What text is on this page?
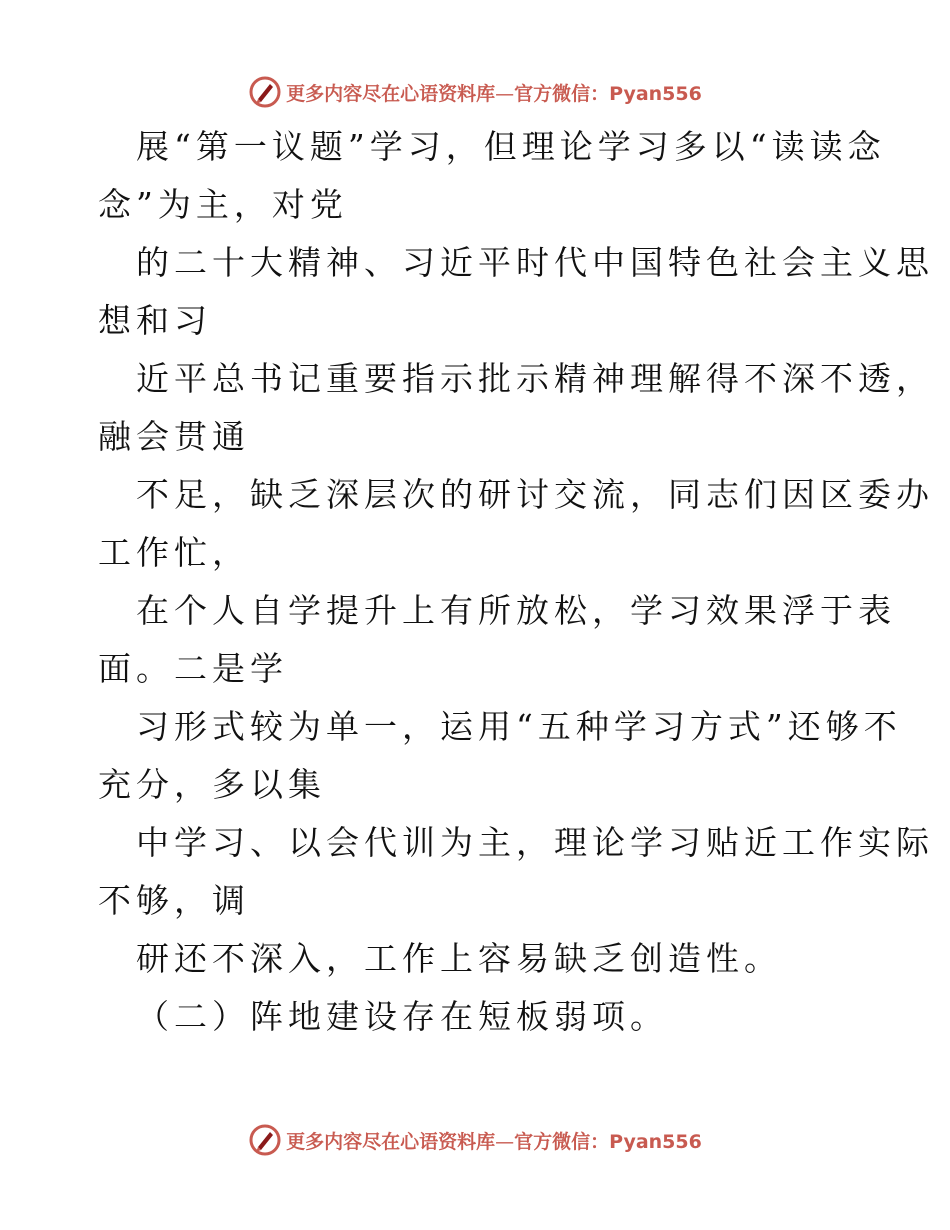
更多内容尽在心语资料库—官方微信：Pyan556
展“第一议题”学习，但理论学习多以“读读念
念”为主，对党
的二十大精神、习近平时代中国特色社会主义思
想和习
近平总书记重要指示批示精神理解得不深不透，
融会贯通
不足，缺乏深层次的研讨交流，同志们因区委办
工作忙，
在个人自学提升上有所放松，学习效果浮于表
面。二是学
习形式较为单一，运用“五种学习方式”还够不
充分，多以集
中学习、以会代训为主，理论学习贴近工作实际
不够，调
研还不深入，工作上容易缺乏创造性。
（二）阵地建设存在短板弱项。
更多内容尽在心语资料库—官方微信：Pyan556
